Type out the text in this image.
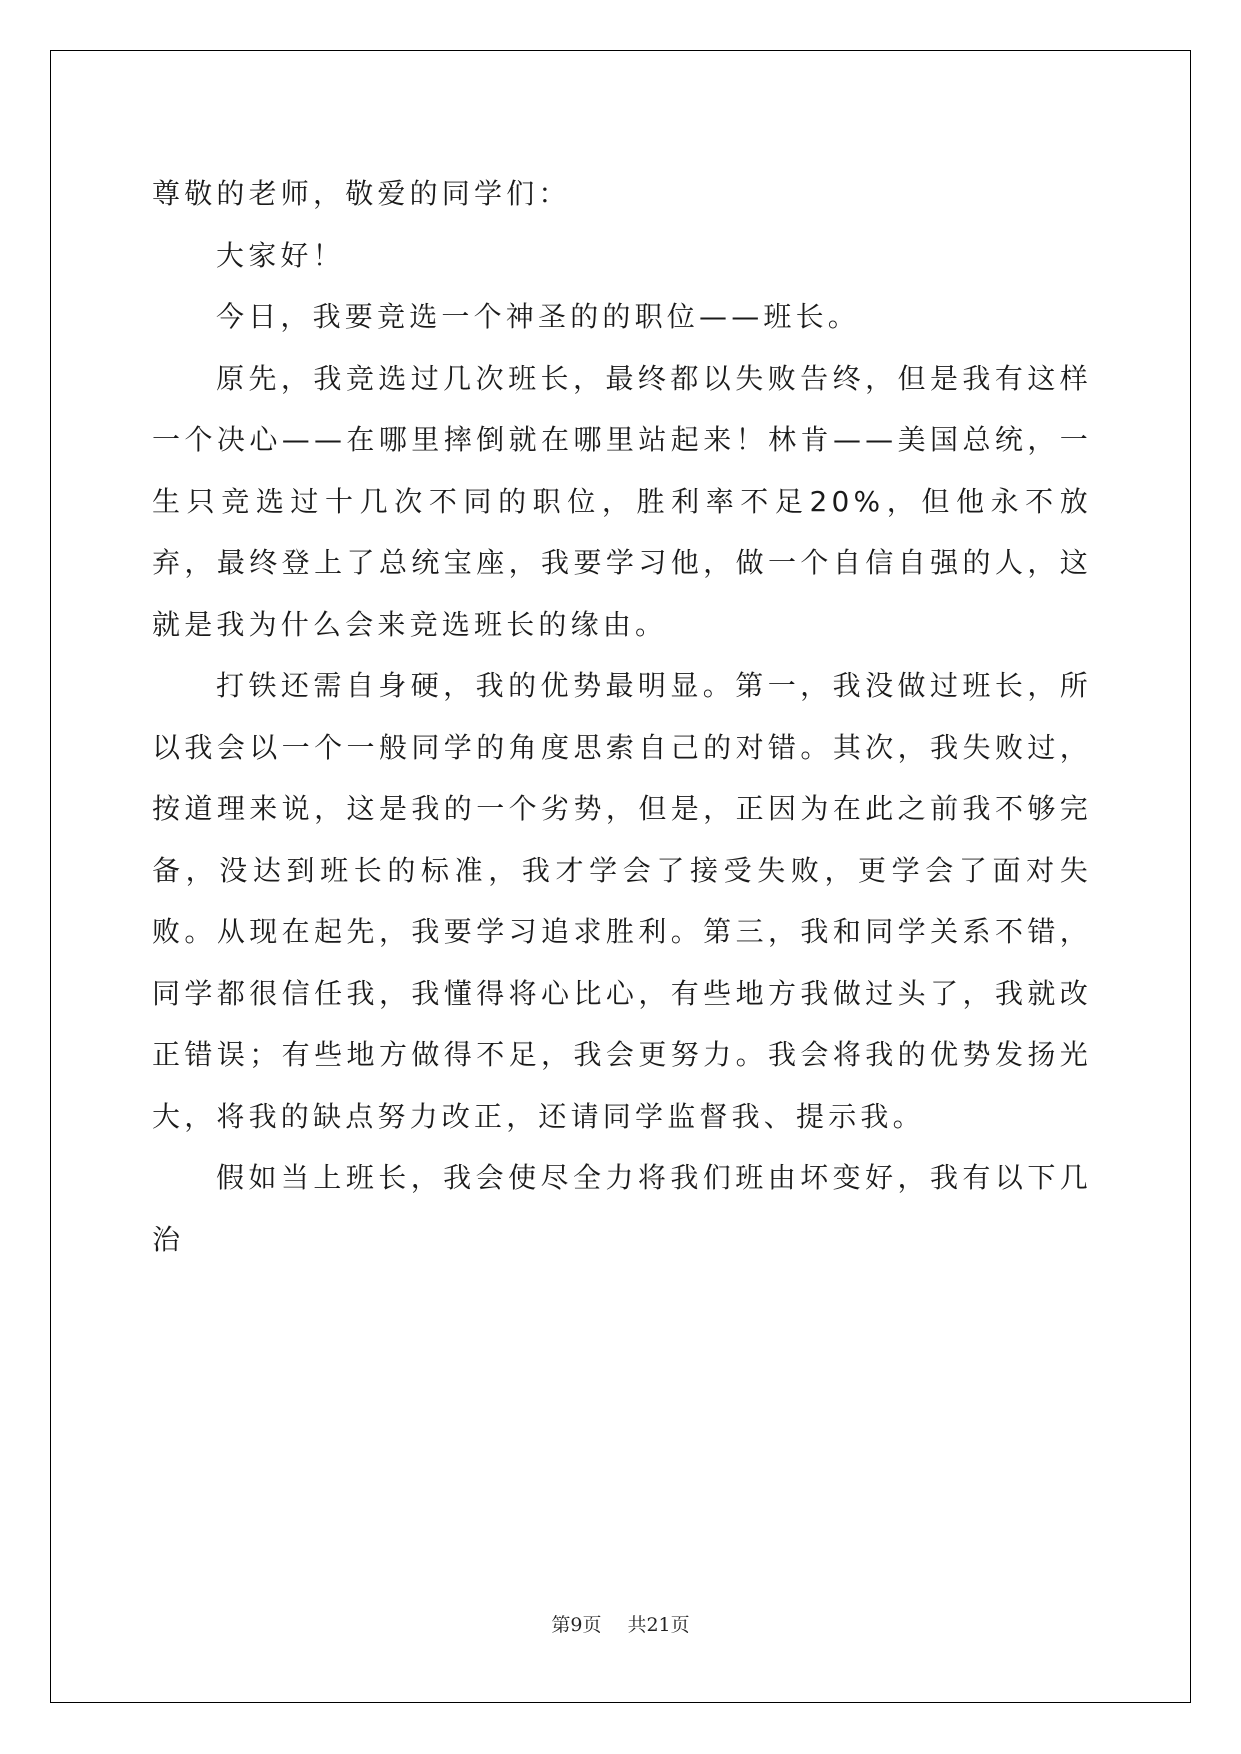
尊敬的老师，敬爱的同学们：

大家好！

今日，我要竞选一个神圣的的职位——班长。

原先，我竞选过几次班长，最终都以失败告终，但是我有这样一个决心——在哪里摔倒就在哪里站起来！林肯——美国总统，一生只竞选过十几次不同的职位，胜利率不足20%，但他永不放弃，最终登上了总统宝座，我要学习他，做一个自信自强的人，这就是我为什么会来竞选班长的缘由。

打铁还需自身硬，我的优势最明显。第一，我没做过班长，所以我会以一个一般同学的角度思索自己的对错。其次，我失败过，按道理来说，这是我的一个劣势，但是，正因为在此之前我不够完备，没达到班长的标准，我才学会了接受失败，更学会了面对失败。从现在起先，我要学习追求胜利。第三，我和同学关系不错，同学都很信任我，我懂得将心比心，有些地方我做过头了，我就改正错误；有些地方做得不足，我会更努力。我会将我的优势发扬光大，将我的缺点努力改正，还请同学监督我、提示我。

假如当上班长，我会使尽全力将我们班由坏变好，我有以下几治

第9页 共21页
